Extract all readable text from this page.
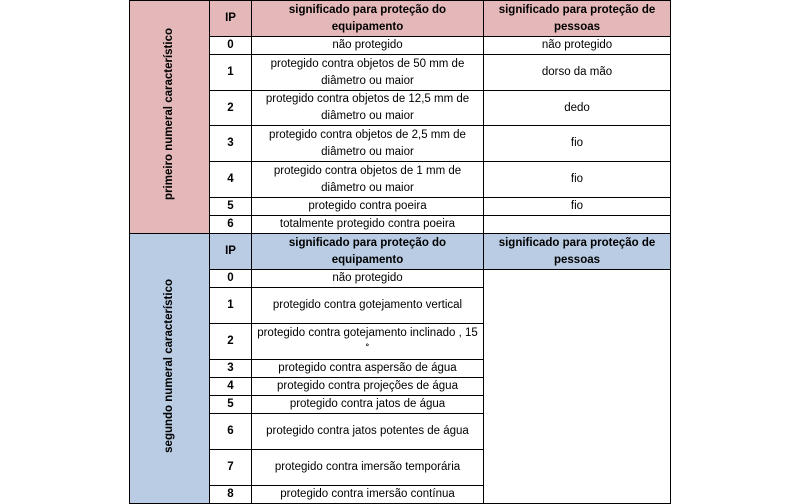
primeiro numeral característico	IP	significado para proteção do equipamento	significado para proteção de pessoas
	0	não protegido	não protegido
	1	protegido contra objetos de 50 mm de diâmetro ou maior	dorso da mão
	2	protegido contra objetos de 12,5 mm de diâmetro ou maior	dedo
	3	protegido contra objetos de 2,5 mm de diâmetro ou maior	fio
	4	protegido contra objetos de 1 mm de diâmetro ou maior	fio
	5	protegido contra poeira	fio
	6	totalmente protegido contra poeira	
segundo numeral característico	IP	significado para proteção do equipamento	significado para proteção de pessoas
	0	não protegido	
	1	protegido contra gotejamento vertical	
	2	protegido contra gotejamento inclinado , 15 ˚	
	3	protegido contra aspersão de água	
	4	protegido contra projeções de água	
	5	protegido contra jatos de água	
	6	protegido contra jatos potentes de água	
	7	protegido contra imersão temporária	
	8	protegido contra imersão contínua	
